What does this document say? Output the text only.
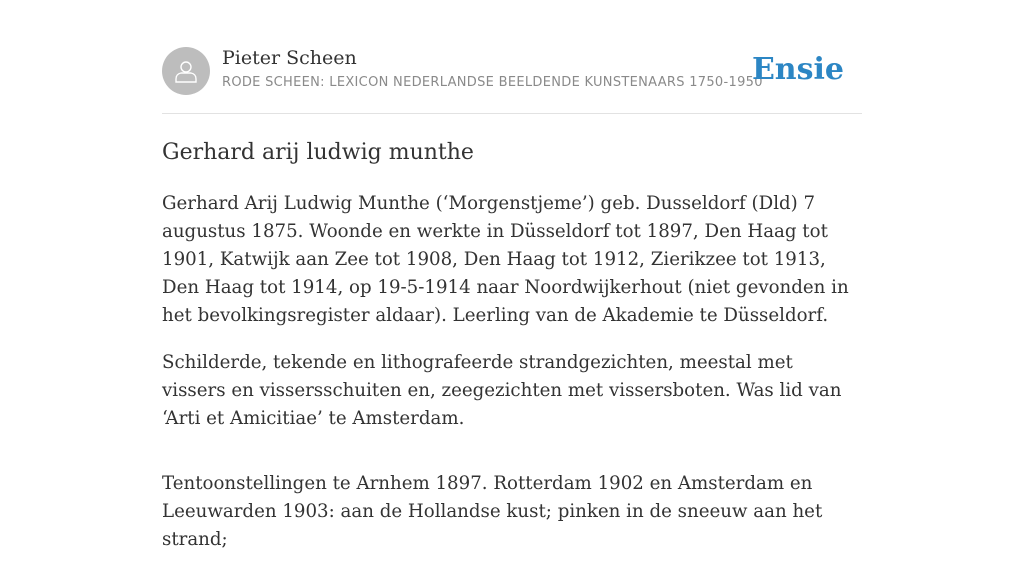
Pieter Scheen
RODE SCHEEN: LEXICON NEDERLANDSE BEELDENDE KUNSTENAARS 1750-1950
Ensie
Gerhard arij ludwig munthe

Gerhard Arij Ludwig Munthe (‘Morgenstjeme’) geb. Dusseldorf (Dld) 7 augustus 1875. Woonde en werkte in Düsseldorf tot 1897, Den Haag tot 1901, Katwijk aan Zee tot 1908, Den Haag tot 1912, Zierikzee tot 1913, Den Haag tot 1914, op 19-5-1914 naar Noordwijkerhout (niet gevonden in het bevolkingsregister aldaar). Leerling van de Akademie te Düsseldorf.

Schilderde, tekende en lithografeerde strandgezichten, meestal met vissers en vissersschuiten en, zeegezichten met vissersboten. Was lid van ‘Arti et Amicitiae’ te Amsterdam.

Tentoonstellingen te Arnhem 1897. Rotterdam 1902 en Amsterdam en Leeuwarden 1903: aan de Hollandse kust; pinken in de sneeuw aan het strand;
